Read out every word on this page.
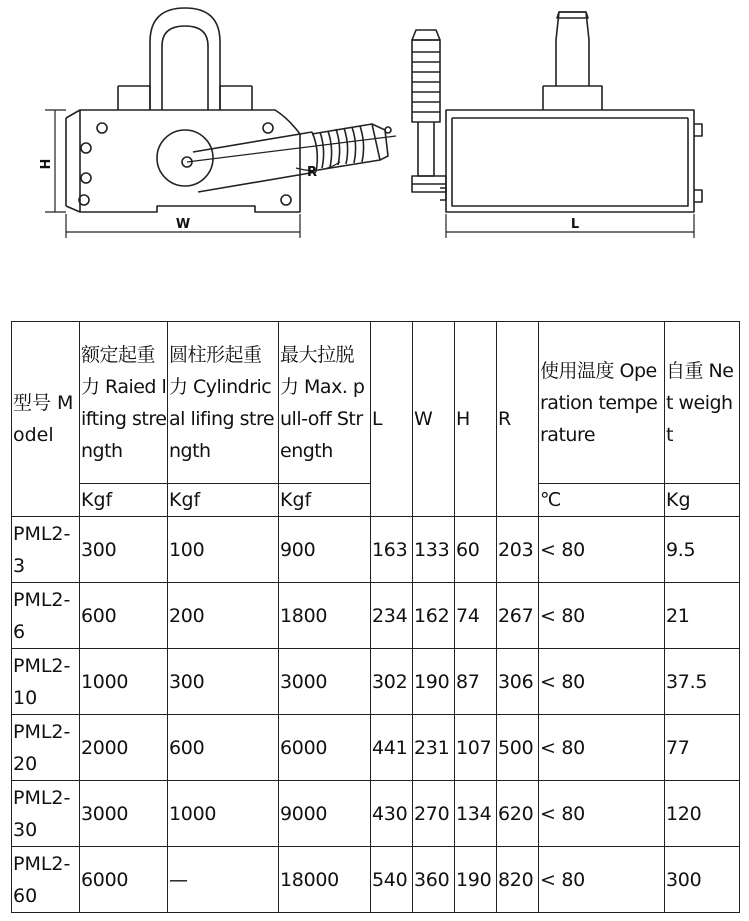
H
W
R
L
型号 Model	额定起重力 Raied lifting strength	圆柱形起重力 Cylindrical lifing strength	最大拉脱力 Max. pull-off Strength	L	W	H	R	使用温度 Operation temperature	自重 Net weight
	Kgf	Kgf	Kgf					℃	Kg
PML2-3	300	100	900	163	133	60	203	< 80	9.5
PML2-6	600	200	1800	234	162	74	267	< 80	21
PML2-10	1000	300	3000	302	190	87	306	< 80	37.5
PML2-20	2000	600	6000	441	231	107	500	< 80	77
PML2-30	3000	1000	9000	430	270	134	620	< 80	120
PML2-60	6000	—	18000	540	360	190	820	< 80	300
